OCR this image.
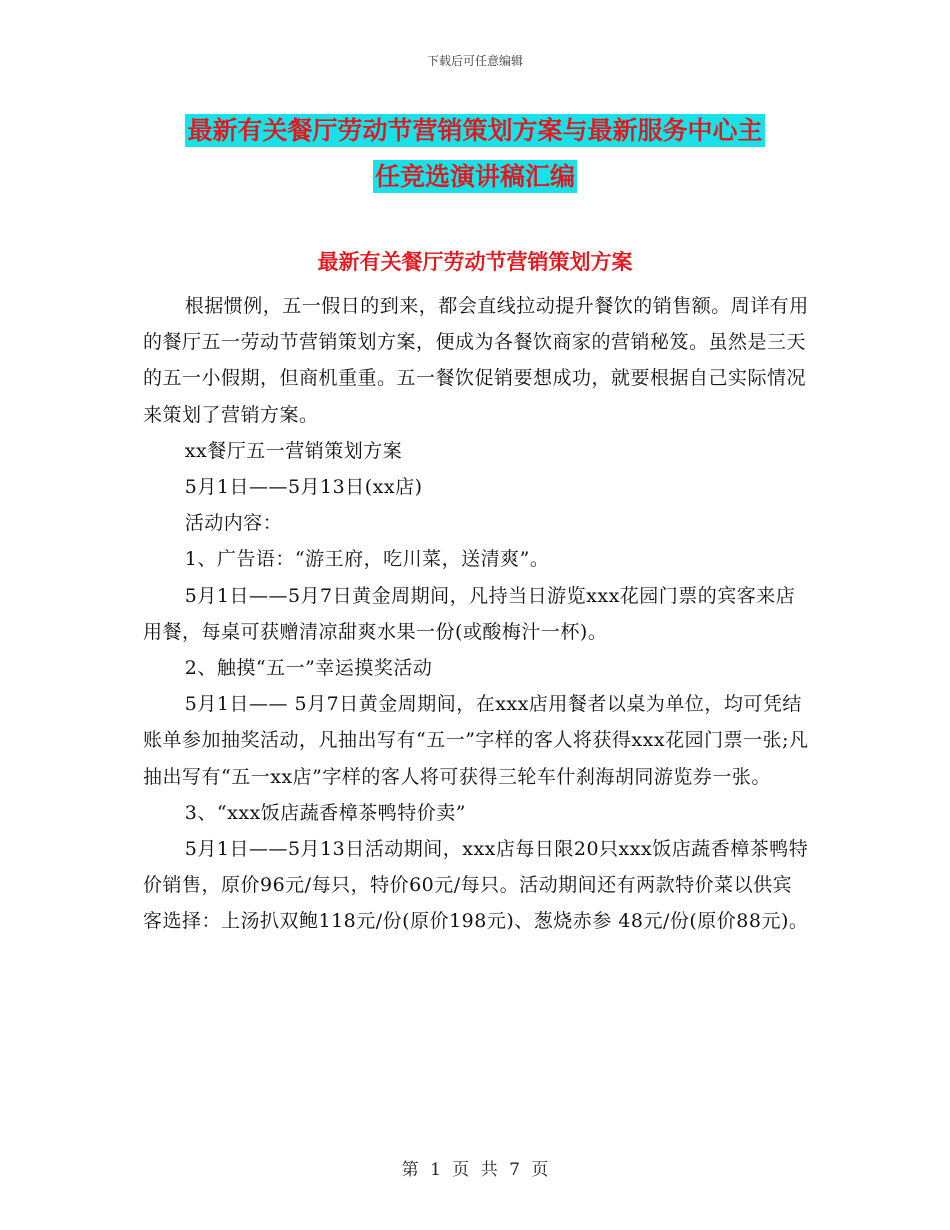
下载后可任意编辑
最新有关餐厅劳动节营销策划方案与最新服务中心主
任竞选演讲稿汇编
最新有关餐厅劳动节营销策划方案

根据惯例，五一假日的到来，都会直线拉动提升餐饮的销售额。周详有用的餐厅五一劳动节营销策划方案，便成为各餐饮商家的营销秘笈。虽然是三天的五一小假期，但商机重重。五一餐饮促销要想成功，就要根据自己实际情况来策划了营销方案。

xx餐厅五一营销策划方案

5月1日——5月13日(xx店)

活动内容：

1、广告语：“游王府，吃川菜，送清爽”。

5月1日——5月7日黄金周期间，凡持当日游览xxx花园门票的宾客来店用餐，每桌可获赠清凉甜爽水果一份(或酸梅汁一杯)。

2、触摸“五一”幸运摸奖活动

5月1日—— 5月7日黄金周期间，在xxx店用餐者以桌为单位，均可凭结账单参加抽奖活动，凡抽出写有“五一”字样的客人将获得xxx花园门票一张;凡抽出写有“五一xx店”字样的客人将可获得三轮车什刹海胡同游览券一张。

3、“xxx饭店蔬香樟茶鸭特价卖”

5月1日——5月13日活动期间，xxx店每日限20只xxx饭店蔬香樟茶鸭特价销售，原价96元/每只，特价60元/每只。活动期间还有两款特价菜以供宾客选择：上汤扒双鲍118元/份(原价198元)、葱烧赤参 48元/份(原价88元)。

第 1 页 共 7 页
